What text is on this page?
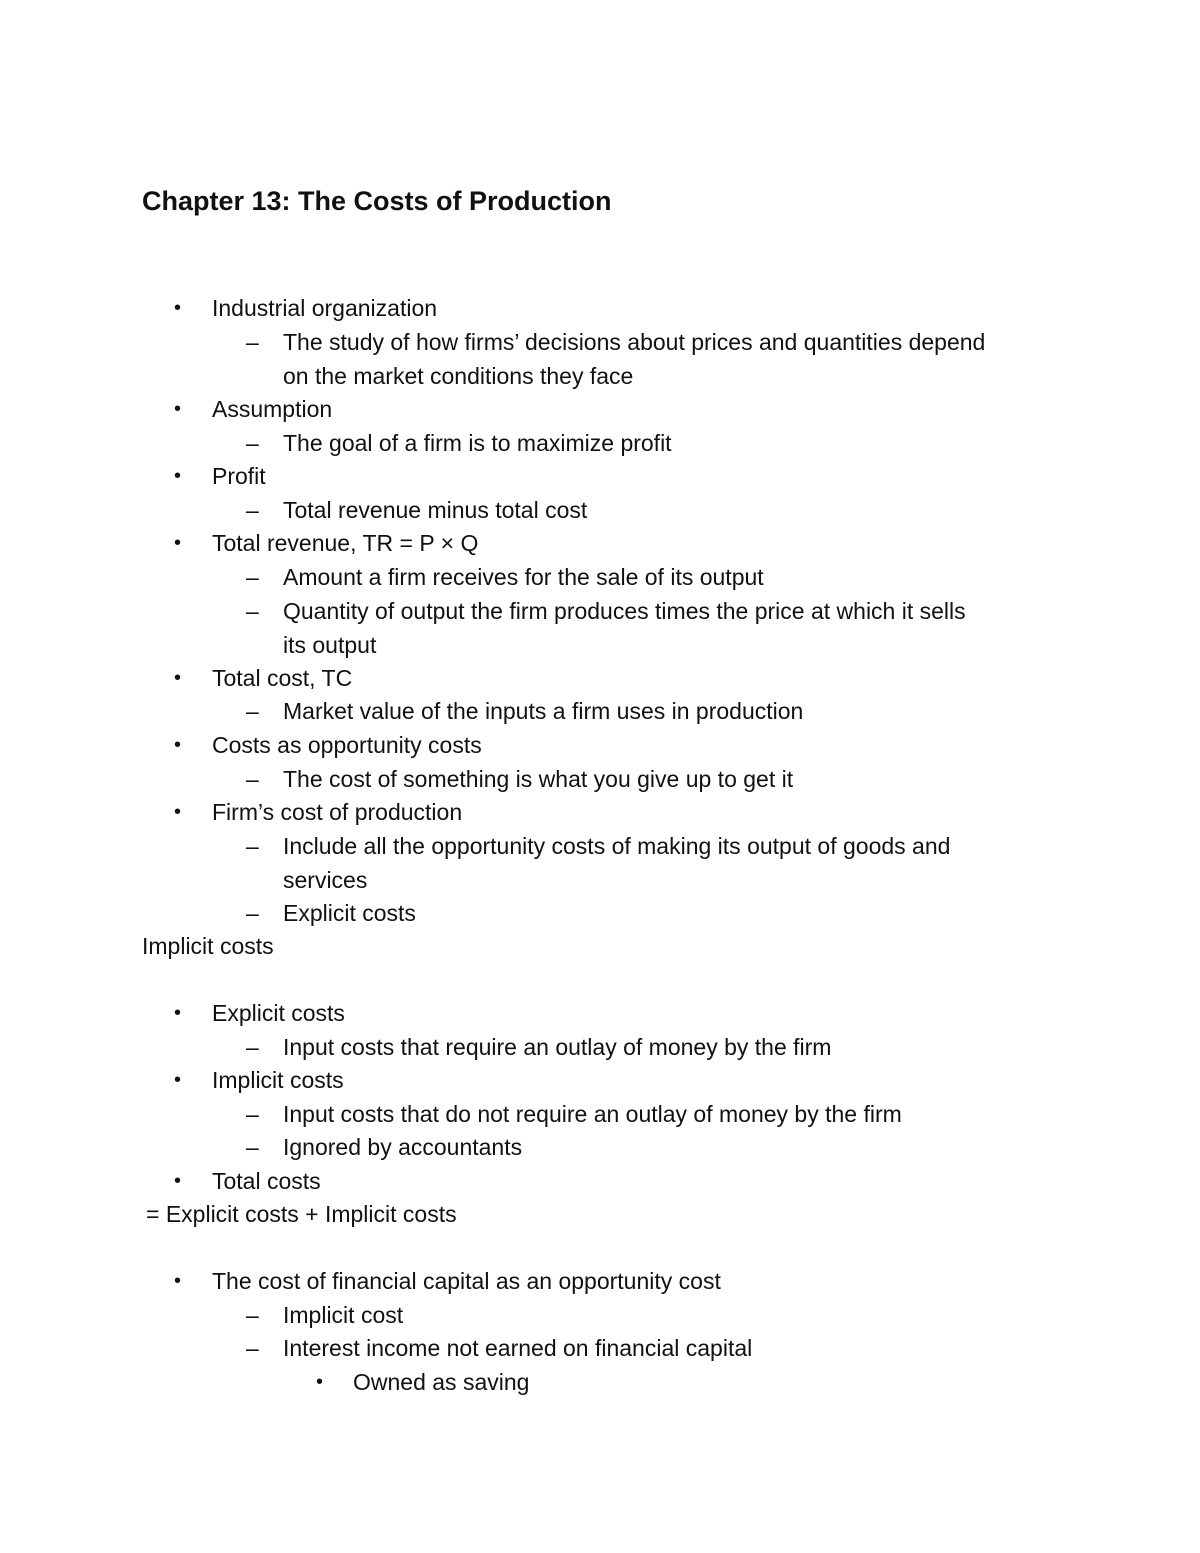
Chapter 13: The Costs of Production
• Industrial organization
– The study of how firms’ decisions about prices and quantities depend
on the market conditions they face
• Assumption
– The goal of a firm is to maximize profit
• Profit
– Total revenue minus total cost
• Total revenue, TR = P × Q
– Amount a firm receives for the sale of its output
– Quantity of output the firm produces times the price at which it sells
its output
• Total cost, TC
– Market value of the inputs a firm uses in production
• Costs as opportunity costs
– The cost of something is what you give up to get it
• Firm’s cost of production
– Include all the opportunity costs of making its output of goods and
services
– Explicit costs
Implicit costs
• Explicit costs
– Input costs that require an outlay of money by the firm
• Implicit costs
– Input costs that do not require an outlay of money by the firm
– Ignored by accountants
• Total costs
= Explicit costs + Implicit costs
• The cost of financial capital as an opportunity cost
– Implicit cost
– Interest income not earned on financial capital
• Owned as saving
